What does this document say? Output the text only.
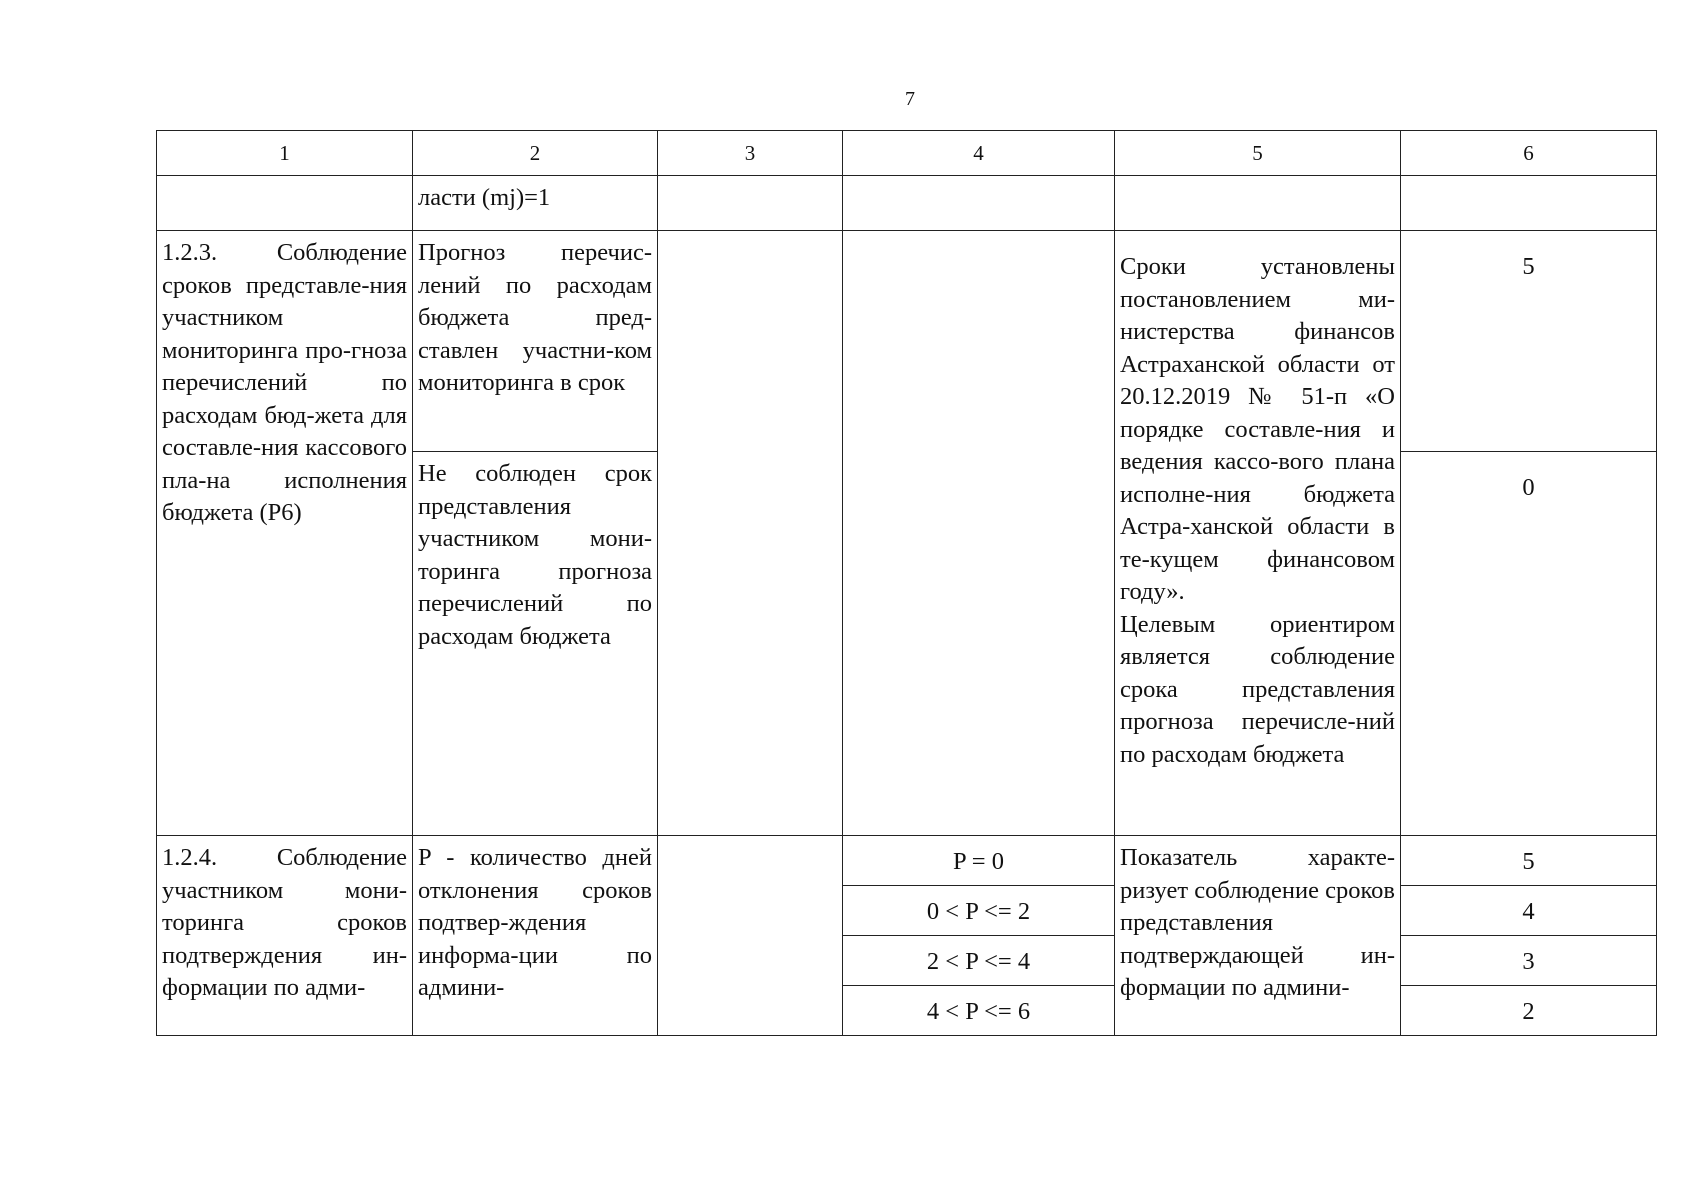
7
1	2	3	4	5	6
	ласти (mj)=1				
1.2.3. Соблюдение сроков представле-ния участником мониторинга про-гноза перечислений по расходам бюд-жета для составле-ния кассового пла-на исполнения бюджета (P6)	Прогноз перечис-лений по расходам бюджета пред-ставлен участни-ком мониторинга в срок			Сроки установлены постановлением ми-нистерства финансов Астраханской области от 20.12.2019 № 51-п «О порядке составле-ния и ведения кассо-вого плана исполне-ния бюджета Астра-ханской области в те-кущем финансовом году».
Целевым ориентиром является соблюдение срока представления прогноза перечисле-ний по расходам бюджета	5
	Не соблюден срок представления участником мони-торинга прогноза перечислений по расходам бюджета				0
1.2.4. Соблюдение участником мони-торинга сроков подтверждения ин-формации по адми-	P - количество дней отклонения сроков подтвер-ждения информа-ции по админи-		P = 0	Показатель характе-ризует соблюдение сроков представления подтверждающей ин-формации по админи-	5
			0 < P <= 2		4
			2 < P <= 4		3
			4 < P <= 6		2
